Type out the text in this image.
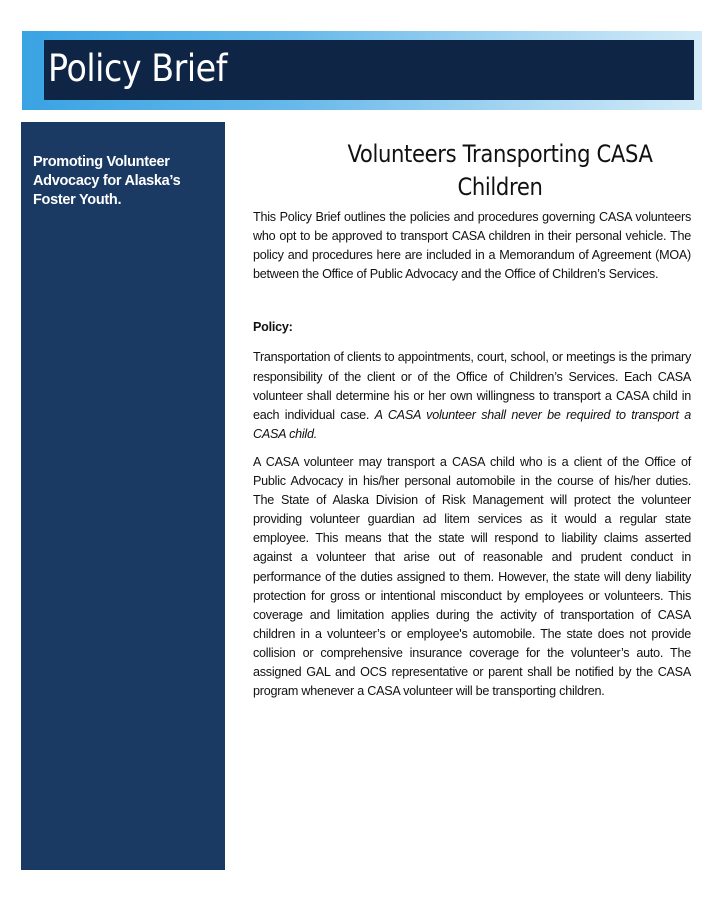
Policy Brief
Promoting Volunteer Advocacy for Alaska’s Foster Youth.
Volunteers Transporting CASA Children

This Policy Brief outlines the policies and procedures governing CASA volunteers who opt to be approved to transport CASA children in their personal vehicle. The policy and procedures here are included in a Memorandum of Agreement (MOA) between the Office of Public Advocacy and the Office of Children’s Services.

Policy:

Transportation of clients to appointments, court, school, or meetings is the primary responsibility of the client or of the Office of Children’s Services. Each CASA volunteer shall determine his or her own willingness to transport a CASA child in each individual case. A CASA volunteer shall never be required to transport a CASA child.

A CASA volunteer may transport a CASA child who is a client of the Office of Public Advocacy in his/her personal automobile in the course of his/her duties. The State of Alaska Division of Risk Management will protect the volunteer providing volunteer guardian ad litem services as it would a regular state employee. This means that the state will respond to liability claims asserted against a volunteer that arise out of reasonable and prudent conduct in performance of the duties assigned to them. However, the state will deny liability protection for gross or intentional misconduct by employees or volunteers. This coverage and limitation applies during the activity of transportation of CASA children in a volunteer’s or employee's automobile. The state does not provide collision or comprehensive insurance coverage for the volunteer’s auto. The assigned GAL and OCS representative or parent shall be notified by the CASA program whenever a CASA volunteer will be transporting children.
